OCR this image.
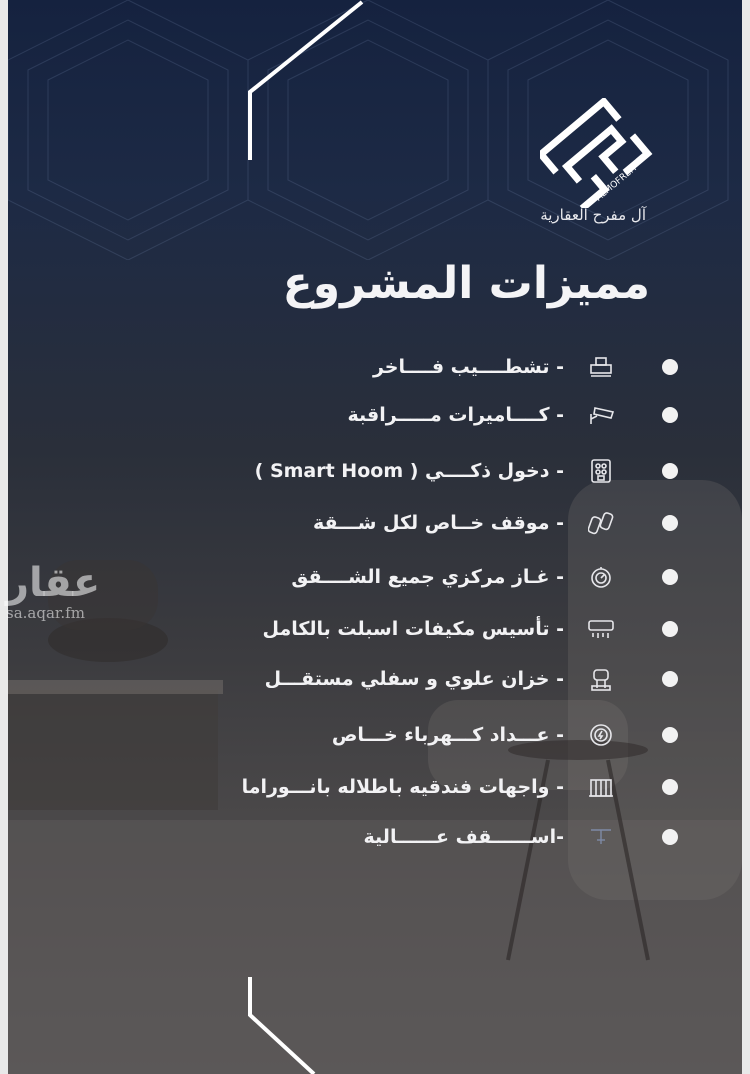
ALMOFREH
آل مفرح العقارية
مميزات المشروع
- تشطــــيب فــــاخر
- كــــاميرات مـــــراقبة
- دخول ذكــــي ( Smart Hoom )
- موقف خــاص لكل شـــقة
- غـاز مركزي جميع الشــــقق
- تأسيس مكيفات اسبلت بالكامل
- خزان علوي و سفلي مستقـــل
- عـــداد كـــهرباء خـــاص
- واجهات فندقيه باطلاله بانـــوراما
-اســــــقف عــــــالية
عقار
sa.aqar.fm
